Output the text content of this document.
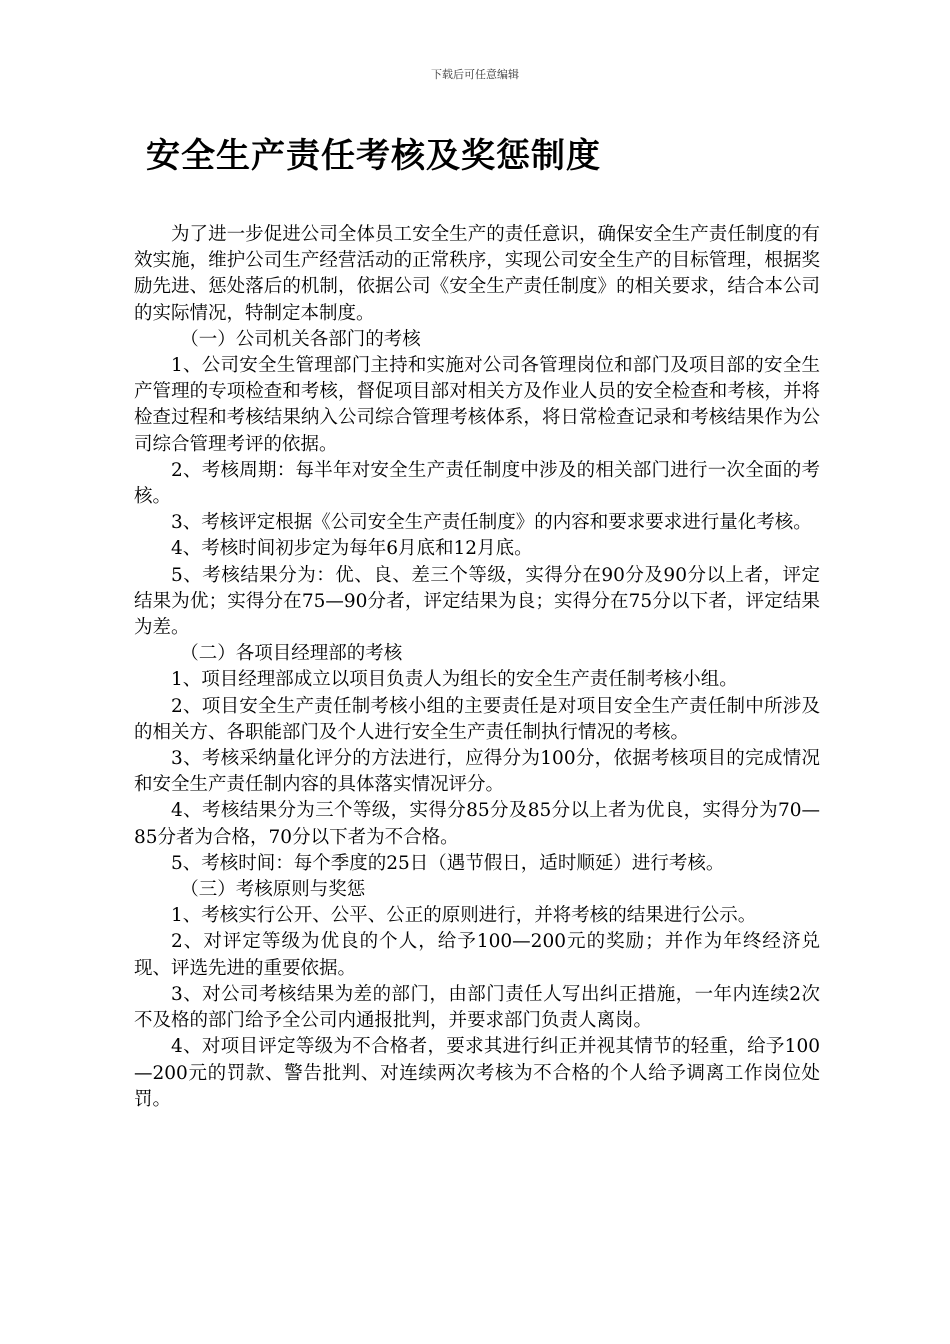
下载后可任意编辑
安全生产责任考核及奖惩制度

为了进一步促进公司全体员工安全生产的责任意识，确保安全生产责任制度的有效实施，维护公司生产经营活动的正常秩序，实现公司安全生产的目标管理，根据奖励先进、惩处落后的机制，依据公司《安全生产责任制度》的相关要求，结合本公司的实际情况，特制定本制度。

（一）公司机关各部门的考核

1、公司安全生管理部门主持和实施对公司各管理岗位和部门及项目部的安全生产管理的专项检查和考核，督促项目部对相关方及作业人员的安全检查和考核，并将检查过程和考核结果纳入公司综合管理考核体系，将日常检查记录和考核结果作为公司综合管理考评的依据。

2、考核周期：每半年对安全生产责任制度中涉及的相关部门进行一次全面的考核。

3、考核评定根据《公司安全生产责任制度》的内容和要求要求进行量化考核。

4、考核时间初步定为每年6月底和12月底。

5、考核结果分为：优、良、差三个等级，实得分在90分及90分以上者，评定结果为优；实得分在75—90分者，评定结果为良；实得分在75分以下者，评定结果为差。

（二）各项目经理部的考核

1、项目经理部成立以项目负责人为组长的安全生产责任制考核小组。

2、项目安全生产责任制考核小组的主要责任是对项目安全生产责任制中所涉及的相关方、各职能部门及个人进行安全生产责任制执行情况的考核。

3、考核采纳量化评分的方法进行，应得分为100分，依据考核项目的完成情况和安全生产责任制内容的具体落实情况评分。

4、考核结果分为三个等级，实得分85分及85分以上者为优良，实得分为70—85分者为合格，70分以下者为不合格。

5、考核时间：每个季度的25日（遇节假日，适时顺延）进行考核。

（三）考核原则与奖惩

1、考核实行公开、公平、公正的原则进行，并将考核的结果进行公示。

2、对评定等级为优良的个人，给予100—200元的奖励；并作为年终经济兑现、评选先进的重要依据。

3、对公司考核结果为差的部门，由部门责任人写出纠正措施，一年内连续2次不及格的部门给予全公司内通报批判，并要求部门负责人离岗。

4、对项目评定等级为不合格者，要求其进行纠正并视其情节的轻重，给予100—200元的罚款、警告批判、对连续两次考核为不合格的个人给予调离工作岗位处罚。
